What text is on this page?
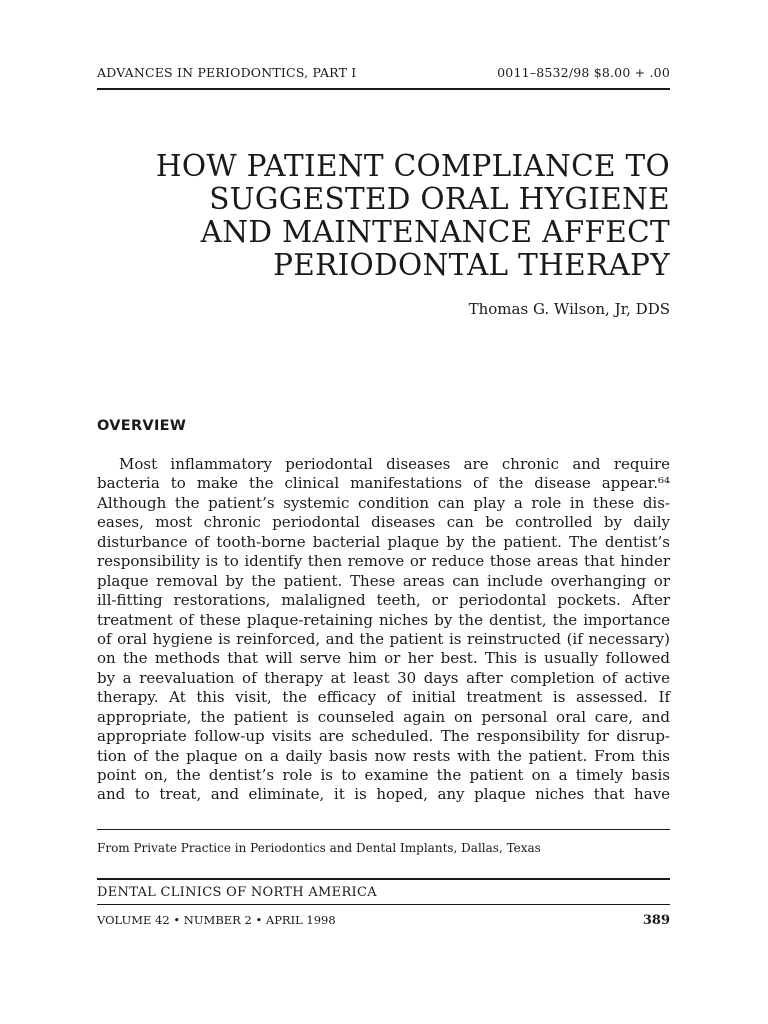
ADVANCES IN PERIODONTICS, PART I	0011–8532/98 $8.00 + .00
HOW PATIENT COMPLIANCE TO
SUGGESTED ORAL HYGIENE
AND MAINTENANCE AFFECT
PERIODONTAL THERAPY
Thomas G. Wilson, Jr, DDS
OVERVIEW
Most inflammatory periodontal diseases are chronic and require
bacteria to make the clinical manifestations of the disease appear.⁶⁴
Although the patient’s systemic condition can play a role in these dis-
eases, most chronic periodontal diseases can be controlled by daily
disturbance of tooth-borne bacterial plaque by the patient. The dentist’s
responsibility is to identify then remove or reduce those areas that hinder
plaque removal by the patient. These areas can include overhanging or
ill-fitting restorations, malaligned teeth, or periodontal pockets. After
treatment of these plaque-retaining niches by the dentist, the importance
of oral hygiene is reinforced, and the patient is reinstructed (if necessary)
on the methods that will serve him or her best. This is usually followed
by a reevaluation of therapy at least 30 days after completion of active
therapy. At this visit, the efficacy of initial treatment is assessed. If
appropriate, the patient is counseled again on personal oral care, and
appropriate follow-up visits are scheduled. The responsibility for disrup-
tion of the plaque on a daily basis now rests with the patient. From this
point on, the dentist’s role is to examine the patient on a timely basis
and to treat, and eliminate, it is hoped, any plaque niches that have
From Private Practice in Periodontics and Dental Implants, Dallas, Texas
DENTAL CLINICS OF NORTH AMERICA
VOLUME 42 • NUMBER 2 • APRIL 1998	389
